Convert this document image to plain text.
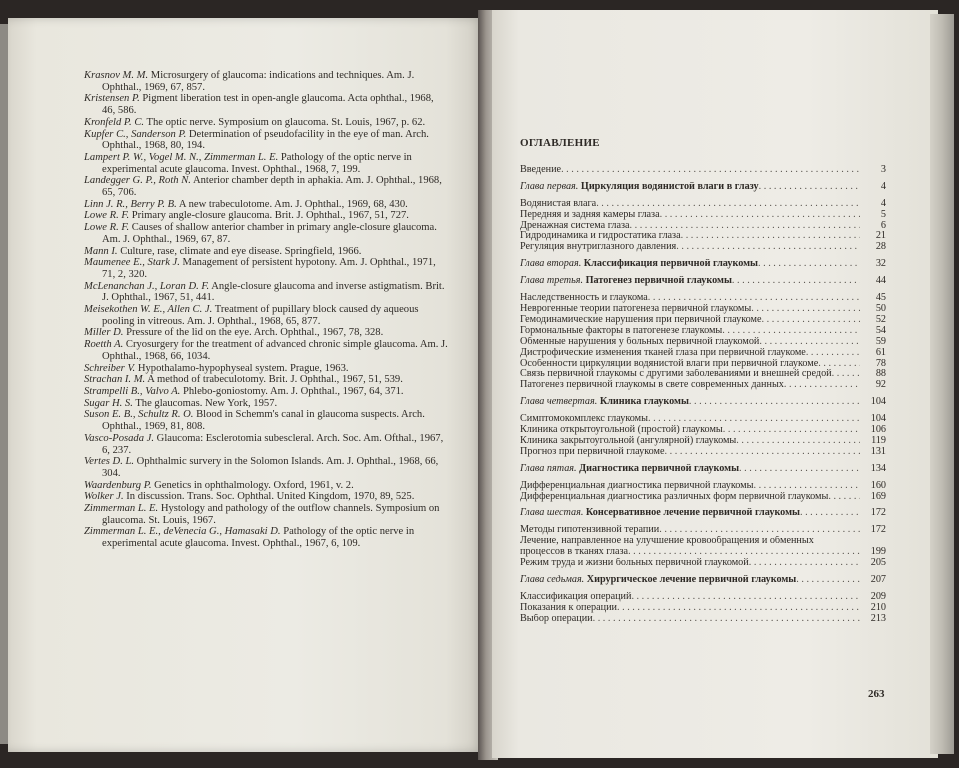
Krasnov M. M. Microsurgery of glaucoma: indications and techniques. Am. J. Ophthal., 1969, 67, 857.

Kristensen P. Pigment liberation test in open-angle glaucoma. Acta ophthal., 1968, 46, 586.

Kronfeld P. C. The optic nerve. Symposium on glaucoma. St. Louis, 1967, p. 62.

Kupfer C., Sanderson P. Determination of pseudofacility in the eye of man. Arch. Ophthal., 1968, 80, 194.

Lampert P. W., Vogel M. N., Zimmerman L. E. Pathology of the optic nerve in experimental acute glaucoma. Invest. Ophthal., 1968, 7, 199.

Landegger G. P., Roth N. Anterior chamber depth in aphakia. Am. J. Ophthal., 1968, 65, 706.

Linn J. R., Berry P. B. A new trabeculotome. Am. J. Ophthal., 1969, 68, 430.

Lowe R. F. Primary angle-closure glaucoma. Brit. J. Ophthal., 1967, 51, 727.

Lowe R. F. Causes of shallow anterior chamber in primary angle-closure glaucoma. Am. J. Ophthal., 1969, 67, 87.

Mann I. Culture, rase, climate and eye disease. Springfield, 1966.

Maumenee E., Stark J. Management of persistent hypotony. Am. J. Ophthal., 1971, 71, 2, 320.

McLenanchan J., Loran D. F. Angle-closure glaucoma and inverse astigmatism. Brit. J. Ophthal., 1967, 51, 441.

Meisekothen W. E., Allen C. J. Treatment of pupillary block caused dy aqueous pooling in vitreous. Am. J. Ophthal., 1968, 65, 877.

Miller D. Pressure of the lid on the eye. Arch. Ophthal., 1967, 78, 328.

Roetth A. Cryosurgery for the treatment of advanced chronic simple glaucoma. Am. J. Ophthal., 1968, 66, 1034.

Schreiber V. Hypothalamo-hypophyseal system. Prague, 1963.

Strachan I. M. A method of trabeculotomy. Brit. J. Ophthal., 1967, 51, 539.

Strampelli B., Valvo A. Phlebo-goniostomy. Am. J. Ophthal., 1967, 64, 371.

Sugar H. S. The glaucomas. New York, 1957.

Suson E. B., Schultz R. O. Blood in Schemm's canal in glaucoma suspects. Arch. Ophthal., 1969, 81, 808.

Vasco-Posada J. Glaucoma: Esclerotomia subescleral. Arch. Soc. Am. Ofthal., 1967, 6, 237.

Vertes D. L. Ophthalmic survery in the Solomon Islands. Am. J. Ophthal., 1968, 66, 304.

Waardenburg P. Genetics in ophthalmology. Oxford, 1961, v. 2.

Wolker J. In discussion. Trans. Soc. Ophthal. United Kingdom, 1970, 89, 525.

Zimmerman L. E. Hystology and pathology of the outflow channels. Symposium on glaucoma. St. Louis, 1967.

Zimmerman L. E., deVenecia G., Hamasaki D. Pathology of the optic nerve in experimental acute glaucoma. Invest. Ophthal., 1967, 6, 109.

ОГЛАВЛЕНИЕ
Введение . . .	3
Глава первая. Циркуляция водянистой влаги в глазу . . .	4
Водянистая влага . . .	4
Передняя и задняя камеры глаза . . .	5
Дренажная система глаза . . .	6
Гидродинамика и гидростатика глаза . . .	21
Регуляция внутриглазного давления . . .	28
Глава вторая. Классификация первичной глаукомы . . .	32
Глава третья. Патогенез первичной глаукомы . . .	44
Наследственность и глаукома . . .	45
Неврогенные теории патогенеза первичной глаукомы . . .	50
Гемодинамические нарушения при первичной глаукоме . . .	52
Гормональные факторы в патогенезе глаукомы . . .	54
Обменные нарушения у больных первичной глаукомой . . .	59
Дистрофические изменения тканей глаза при первичной глаукоме . . .	61
Особенности циркуляции водянистой влаги при первичной глаукоме . . .	78
Связь первичной глаукомы с другими заболеваниями и внешней средой . . .	88
Патогенез первичной глаукомы в свете современных данных . . .	92
Глава четвертая. Клиника глаукомы . . .	104
Симптомокомплекс глаукомы . . .	104
Клиника открытоугольной (простой) глаукомы . . .	106
Клиника закрытоугольной (ангулярной) глаукомы . . .	119
Прогноз при первичной глаукоме . . .	131
Глава пятая. Диагностика первичной глаукомы . . .	134
Дифференциальная диагностика первичной глаукомы . . .	160
Дифференциальная диагностика различных форм первичной глаукомы . . .	169
Глава шестая. Консервативное лечение первичной глаукомы . . .	172
Методы гипотензивной терапии . . .	172
Лечение, направленное на улучшение кровообращения и обменных процессов в тканях глаза . . .	199
Режим труда и жизни больных первичной глаукомой . . .	205
Глава седьмая. Хирургическое лечение первичной глаукомы . . .	207
Классификация операций . . .	209
Показания к операции . . .	210
Выбор операции . . .	213
263
